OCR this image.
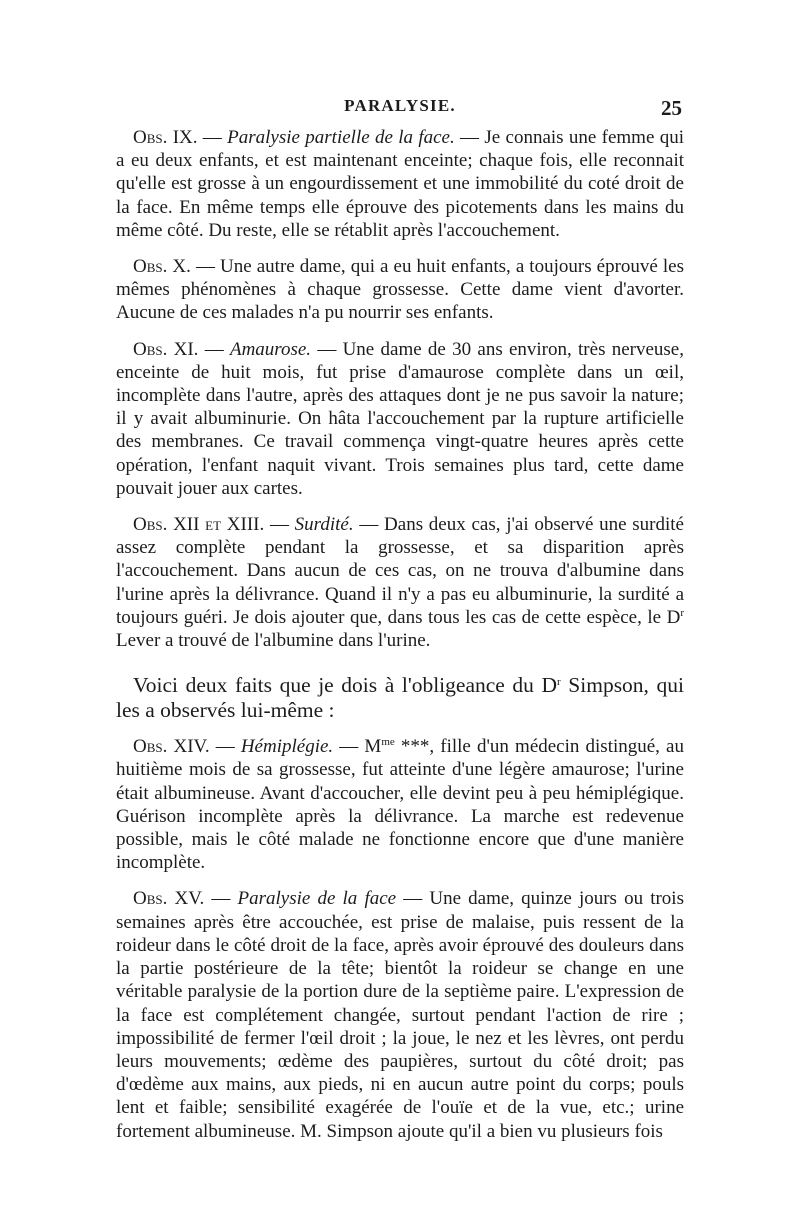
PARALYSIE.	25

Obs. IX. — Paralysie partielle de la face. — Je connais une femme qui a eu deux enfants, et est maintenant enceinte; chaque fois, elle reconnait qu'elle est grosse à un engourdissement et une immobilité du coté droit de la face. En même temps elle éprouve des picotements dans les mains du même côté. Du reste, elle se rétablit après l'accouchement.

Obs. X. — Une autre dame, qui a eu huit enfants, a toujours éprouvé les mêmes phénomènes à chaque grossesse. Cette dame vient d'avorter. Aucune de ces malades n'a pu nourrir ses enfants.

Obs. XI. — Amaurose. — Une dame de 30 ans environ, très nerveuse, enceinte de huit mois, fut prise d'amaurose complète dans un œil, incomplète dans l'autre, après des attaques dont je ne pus savoir la nature; il y avait albuminurie. On hâta l'accouchement par la rupture artificielle des membranes. Ce travail commença vingt-quatre heures après cette opération, l'enfant naquit vivant. Trois semaines plus tard, cette dame pouvait jouer aux cartes.

Obs. XII et XIII. — Surdité. — Dans deux cas, j'ai observé une surdité assez complète pendant la grossesse, et sa disparition après l'accouchement. Dans aucun de ces cas, on ne trouva d'albumine dans l'urine après la délivrance. Quand il n'y a pas eu albuminurie, la surdité a toujours guéri. Je dois ajouter que, dans tous les cas de cette espèce, le $D^r$ Lever a trouvé de l'albumine dans l'urine.

Voici deux faits que je dois à l'obligeance du $D^r$ Simpson, qui les a observés lui-même :

Obs. XIV. — Hémiplégie. — $M^{me}$ ***, fille d'un médecin distingué, au huitième mois de sa grossesse, fut atteinte d'une légère amaurose; l'urine était albumineuse. Avant d'accoucher, elle devint peu à peu hémiplégique. Guérison incomplète après la délivrance. La marche est redevenue possible, mais le côté malade ne fonctionne encore que d'une manière incomplète.

Obs. XV. — Paralysie de la face — Une dame, quinze jours ou trois semaines après être accouchée, est prise de malaise, puis ressent de la roideur dans le côté droit de la face, après avoir éprouvé des douleurs dans la partie postérieure de la tête; bientôt la roideur se change en une véritable paralysie de la portion dure de la septième paire. L'expression de la face est complétement changée, surtout pendant l'action de rire ; impossibilité de fermer l'œil droit ; la joue, le nez et les lèvres, ont perdu leurs mouvements; œdème des paupières, surtout du côté droit; pas d'œdème aux mains, aux pieds, ni en aucun autre point du corps; pouls lent et faible; sensibilité exagérée de l'ouïe et de la vue, etc.; urine fortement albumineuse. M. Simpson ajoute qu'il a bien vu plusieurs fois
